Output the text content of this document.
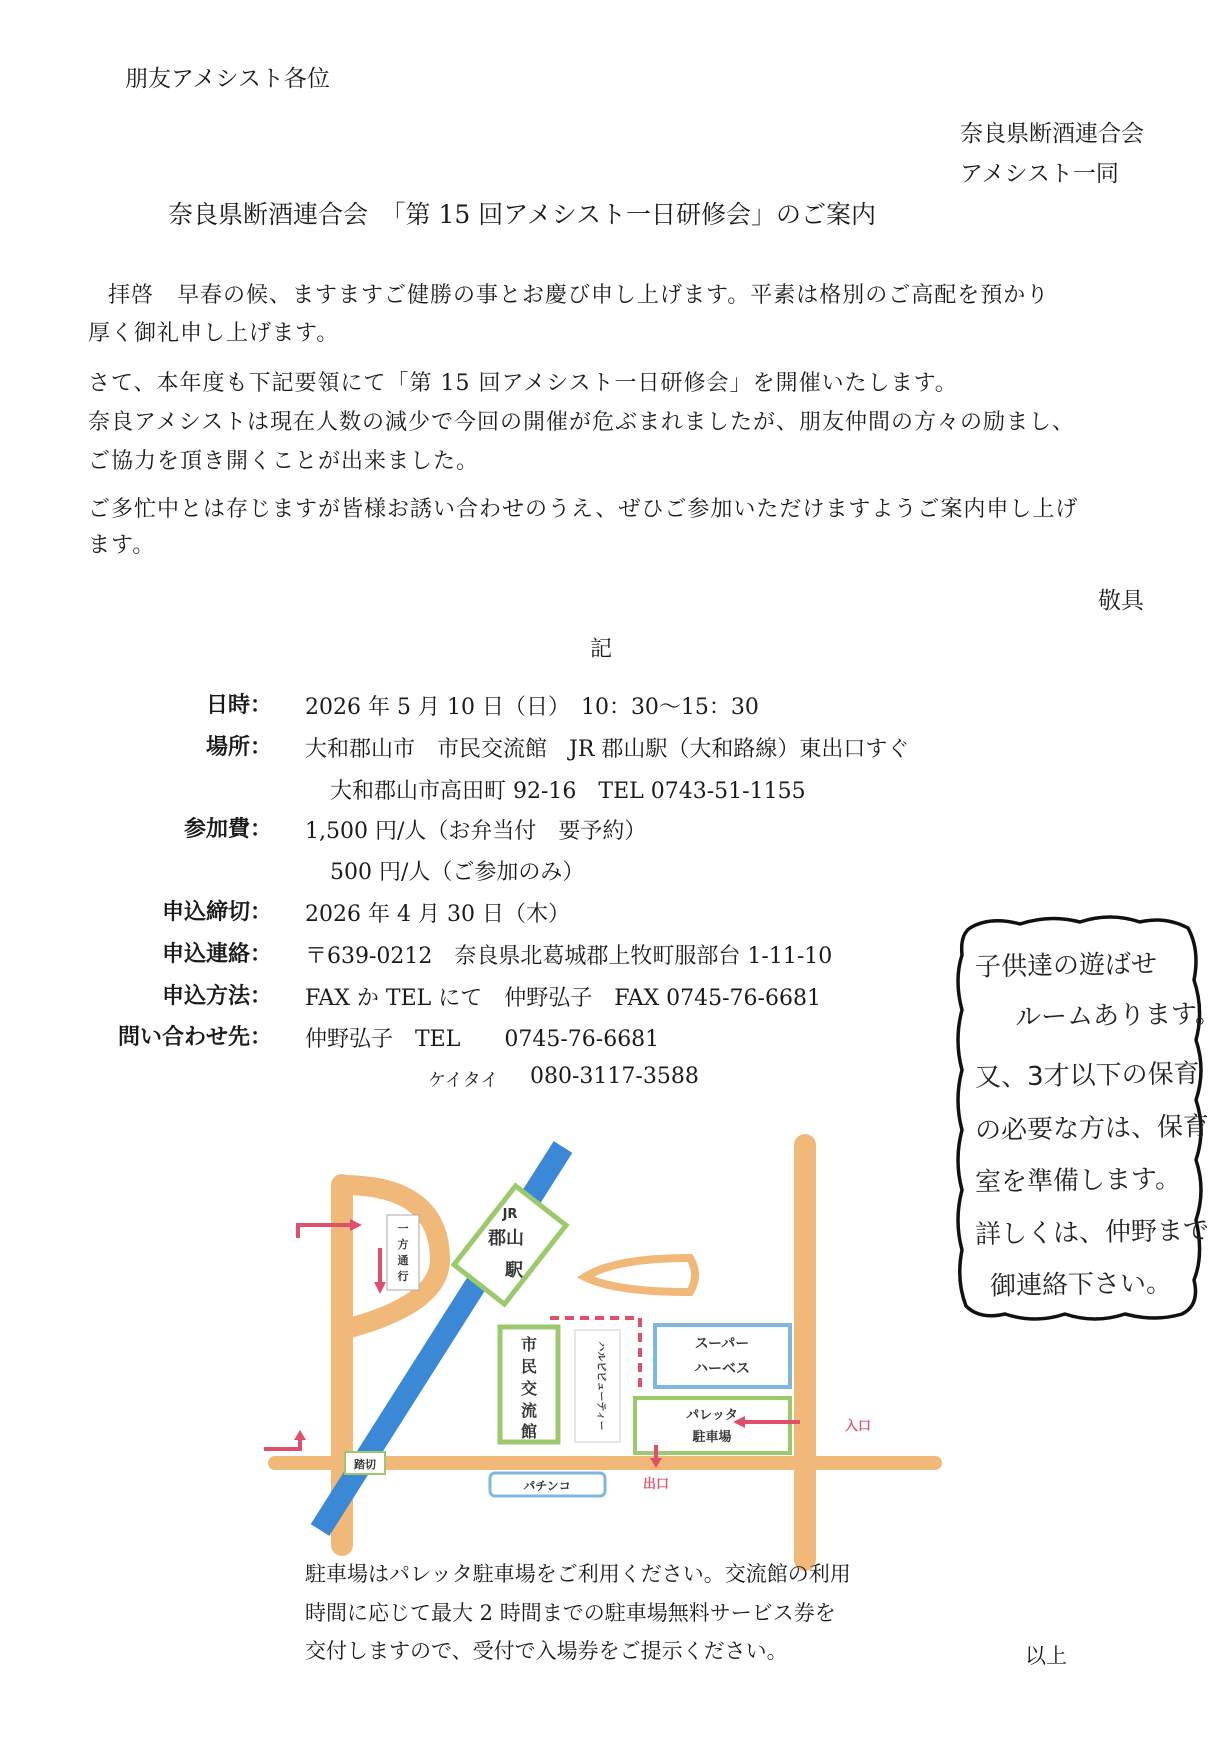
朋友アメシスト各位
奈良県断酒連合会
アメシスト一同
奈良県断酒連合会　「第 15 回アメシスト一日研修会」のご案内
拝啓　早春の候、ますますご健勝の事とお慶び申し上げます。平素は格別のご高配を預かり
厚く御礼申し上げます。
さて、本年度も下記要領にて「第 15 回アメシスト一日研修会」を開催いたします。
奈良アメシストは現在人数の減少で今回の開催が危ぶまれましたが、朋友仲間の方々の励まし、
ご協力を頂き開くことが出来ました。
ご多忙中とは存じますが皆様お誘い合わせのうえ、ぜひご参加いただけますようご案内申し上げ
ます。
敬具
記
日時： 2026 年 5 月 10 日（日）　10：30〜15：30
場所： 大和郡山市　市民交流館　JR 郡山駅（大和路線）東出口すぐ
大和郡山市高田町 92-16　TEL 0743-51-1155
参加費： 1,500 円/人（お弁当付　要予約）
500 円/人（ご参加のみ）
申込締切： 2026 年 4 月 30 日（木）
申込連絡： 〒639-0212　奈良県北葛城郡上牧町服部台 1-11-10
申込方法： FAX か TEL にて　仲野弘子　FAX 0745-76-6681
問い合わせ先： 仲野弘子　TEL　　0745-76-6681
ケイタイ 080-3117-3588
子供達の遊ばせ
ルームあります。
又、3才以下の保育
の必要な方は、保育
室を準備します。
詳しくは、仲野まで
御連絡下さい。
JR
郡山
駅
一
方
通
行
市
民
交
流
館
ハルビビューティー	スーパー
ハーベス
パレッタ
駐車場
踏切
パチンコ
入口
出口
駐車場はパレッタ駐車場をご利用ください。交流館の利用
時間に応じて最大 2 時間までの駐車場無料サービス券を
交付しますので、受付で入場券をご提示ください。	以上
